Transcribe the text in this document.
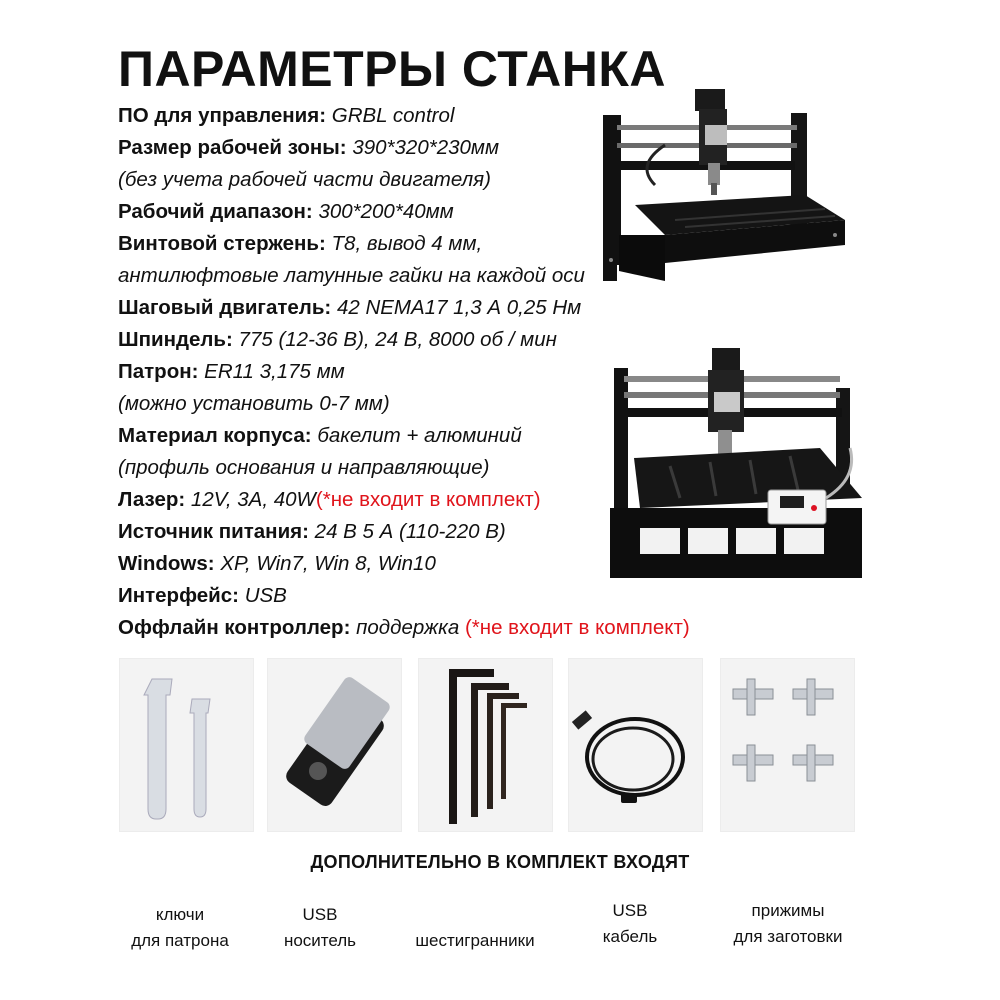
ПАРАМЕТРЫ СТАНКА
ПО для управления: GRBL control
Размер рабочей зоны: 390*320*230мм
(без учета рабочей части двигателя)
Рабочий диапазон: 300*200*40мм
Винтовой стержень: T8, вывод 4 мм,
антилюфтовые латунные гайки на каждой оси
Шаговый двигатель: 42 NEMA17 1,3 А 0,25 Нм
Шпиндель: 775 (12-36 В), 24 В, 8000 об / мин
Патрон: ER11 3,175 мм
(можно установить 0-7 мм)
Материал корпуса: бакелит + алюминий
(профиль основания и направляющие)
Лазер: 12V, 3A, 40W(*не входит в комплект)
Источник питания: 24 В 5 А (110-220 В)
Windows: XP, Win7, Win 8, Win10
Интерфейс: USB
Оффлайн контроллер: поддержка (*не входит в комплект)
ДОПОЛНИТЕЛЬНО В КОМПЛЕКТ ВХОДЯТ
ключи
для патрона
USB
носитель
	шестигранники
USB
кабель
прижимы
для заготовки
